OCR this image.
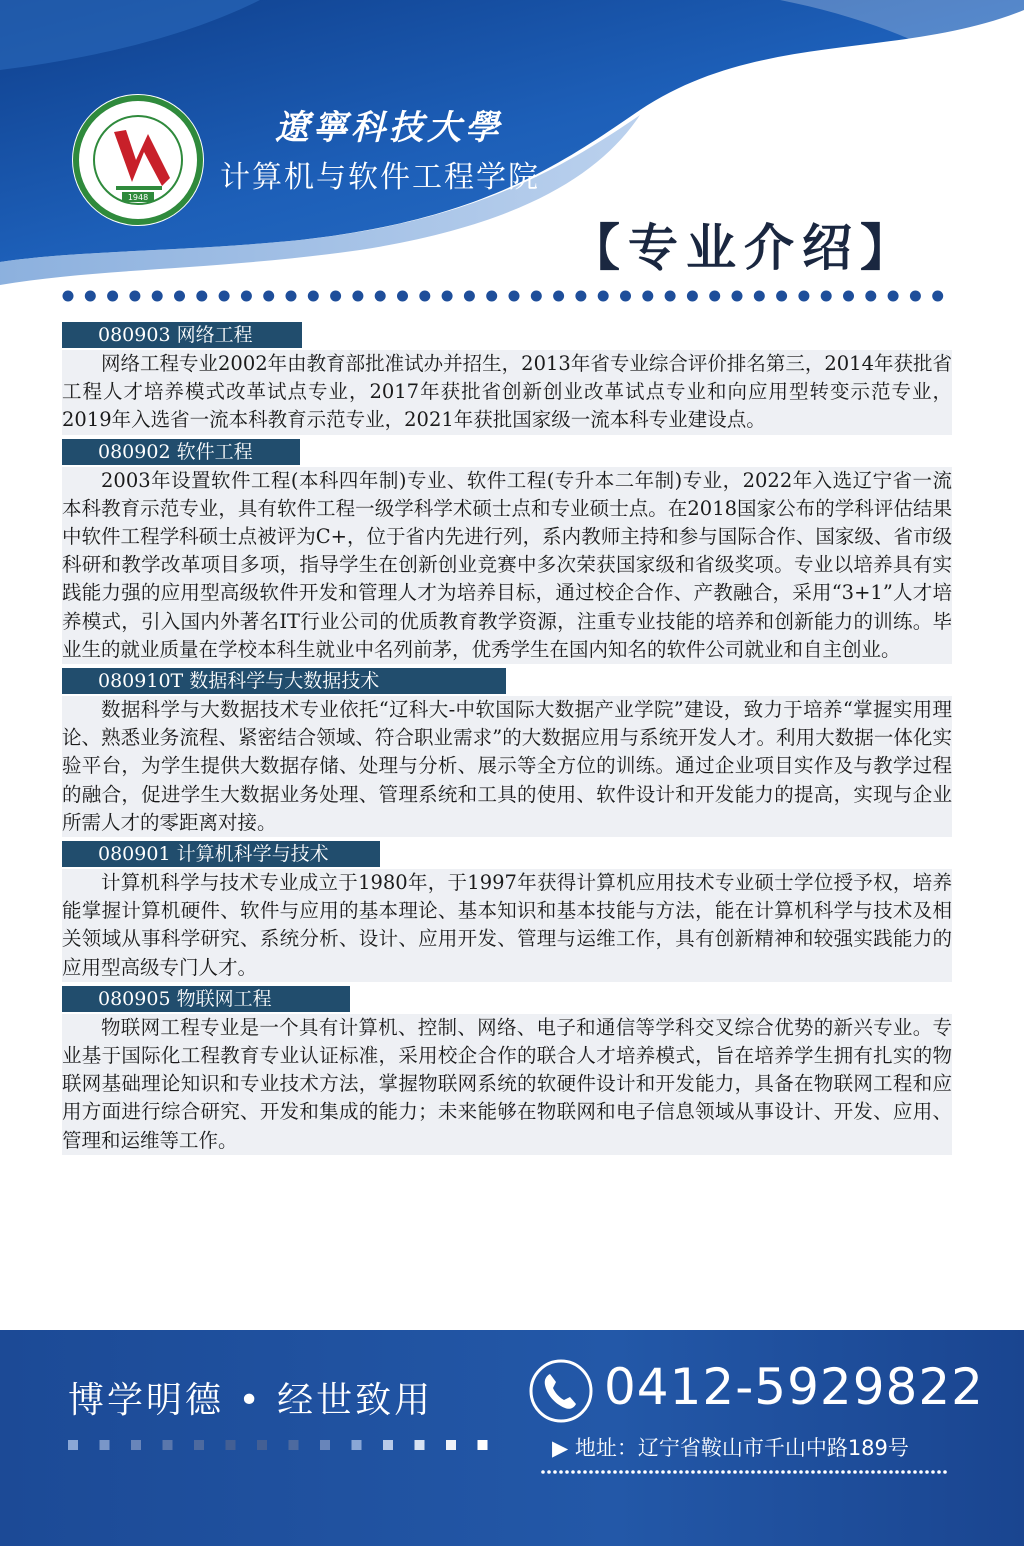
1948
遼寧科技大學
计算机与软件工程学院
【专业介绍】
080903 网络工程

网络工程专业2002年由教育部批准试办并招生，2013年省专业综合评价排名第三，2014年获批省工程人才培养模式改革试点专业，2017年获批省创新创业改革试点专业和向应用型转变示范专业，2019年入选省一流本科教育示范专业，2021年获批国家级一流本科专业建设点。

080902 软件工程

2003年设置软件工程(本科四年制)专业、软件工程(专升本二年制)专业，2022年入选辽宁省一流本科教育示范专业，具有软件工程一级学科学术硕士点和专业硕士点。在2018国家公布的学科评估结果中软件工程学科硕士点被评为C+，位于省内先进行列，系内教师主持和参与国际合作、国家级、省市级科研和教学改革项目多项，指导学生在创新创业竞赛中多次荣获国家级和省级奖项。专业以培养具有实践能力强的应用型高级软件开发和管理人才为培养目标，通过校企合作、产教融合，采用“3+1”人才培养模式，引入国内外著名IT行业公司的优质教育教学资源，注重专业技能的培养和创新能力的训练。毕业生的就业质量在学校本科生就业中名列前茅，优秀学生在国内知名的软件公司就业和自主创业。

080910T 数据科学与大数据技术

数据科学与大数据技术专业依托“辽科大-中软国际大数据产业学院”建设，致力于培养“掌握实用理论、熟悉业务流程、紧密结合领域、符合职业需求”的大数据应用与系统开发人才。利用大数据一体化实验平台，为学生提供大数据存储、处理与分析、展示等全方位的训练。通过企业项目实作及与教学过程的融合，促进学生大数据业务处理、管理系统和工具的使用、软件设计和开发能力的提高，实现与企业所需人才的零距离对接。

080901 计算机科学与技术

计算机科学与技术专业成立于1980年，于1997年获得计算机应用技术专业硕士学位授予权，培养能掌握计算机硬件、软件与应用的基本理论、基本知识和基本技能与方法，能在计算机科学与技术及相关领域从事科学研究、系统分析、设计、应用开发、管理与运维工作，具有创新精神和较强实践能力的应用型高级专门人才。

080905 物联网工程

物联网工程专业是一个具有计算机、控制、网络、电子和通信等学科交叉综合优势的新兴专业。专业基于国际化工程教育专业认证标准，采用校企合作的联合人才培养模式，旨在培养学生拥有扎实的物联网基础理论知识和专业技术方法，掌握物联网系统的软硬件设计和开发能力，具备在物联网工程和应用方面进行综合研究、开发和集成的能力；未来能够在物联网和电子信息领域从事设计、开发、应用、管理和运维等工作。

博学明德 • 经世致用	0412-5929822
▶ 地址：辽宁省鞍山市千山中路189号
